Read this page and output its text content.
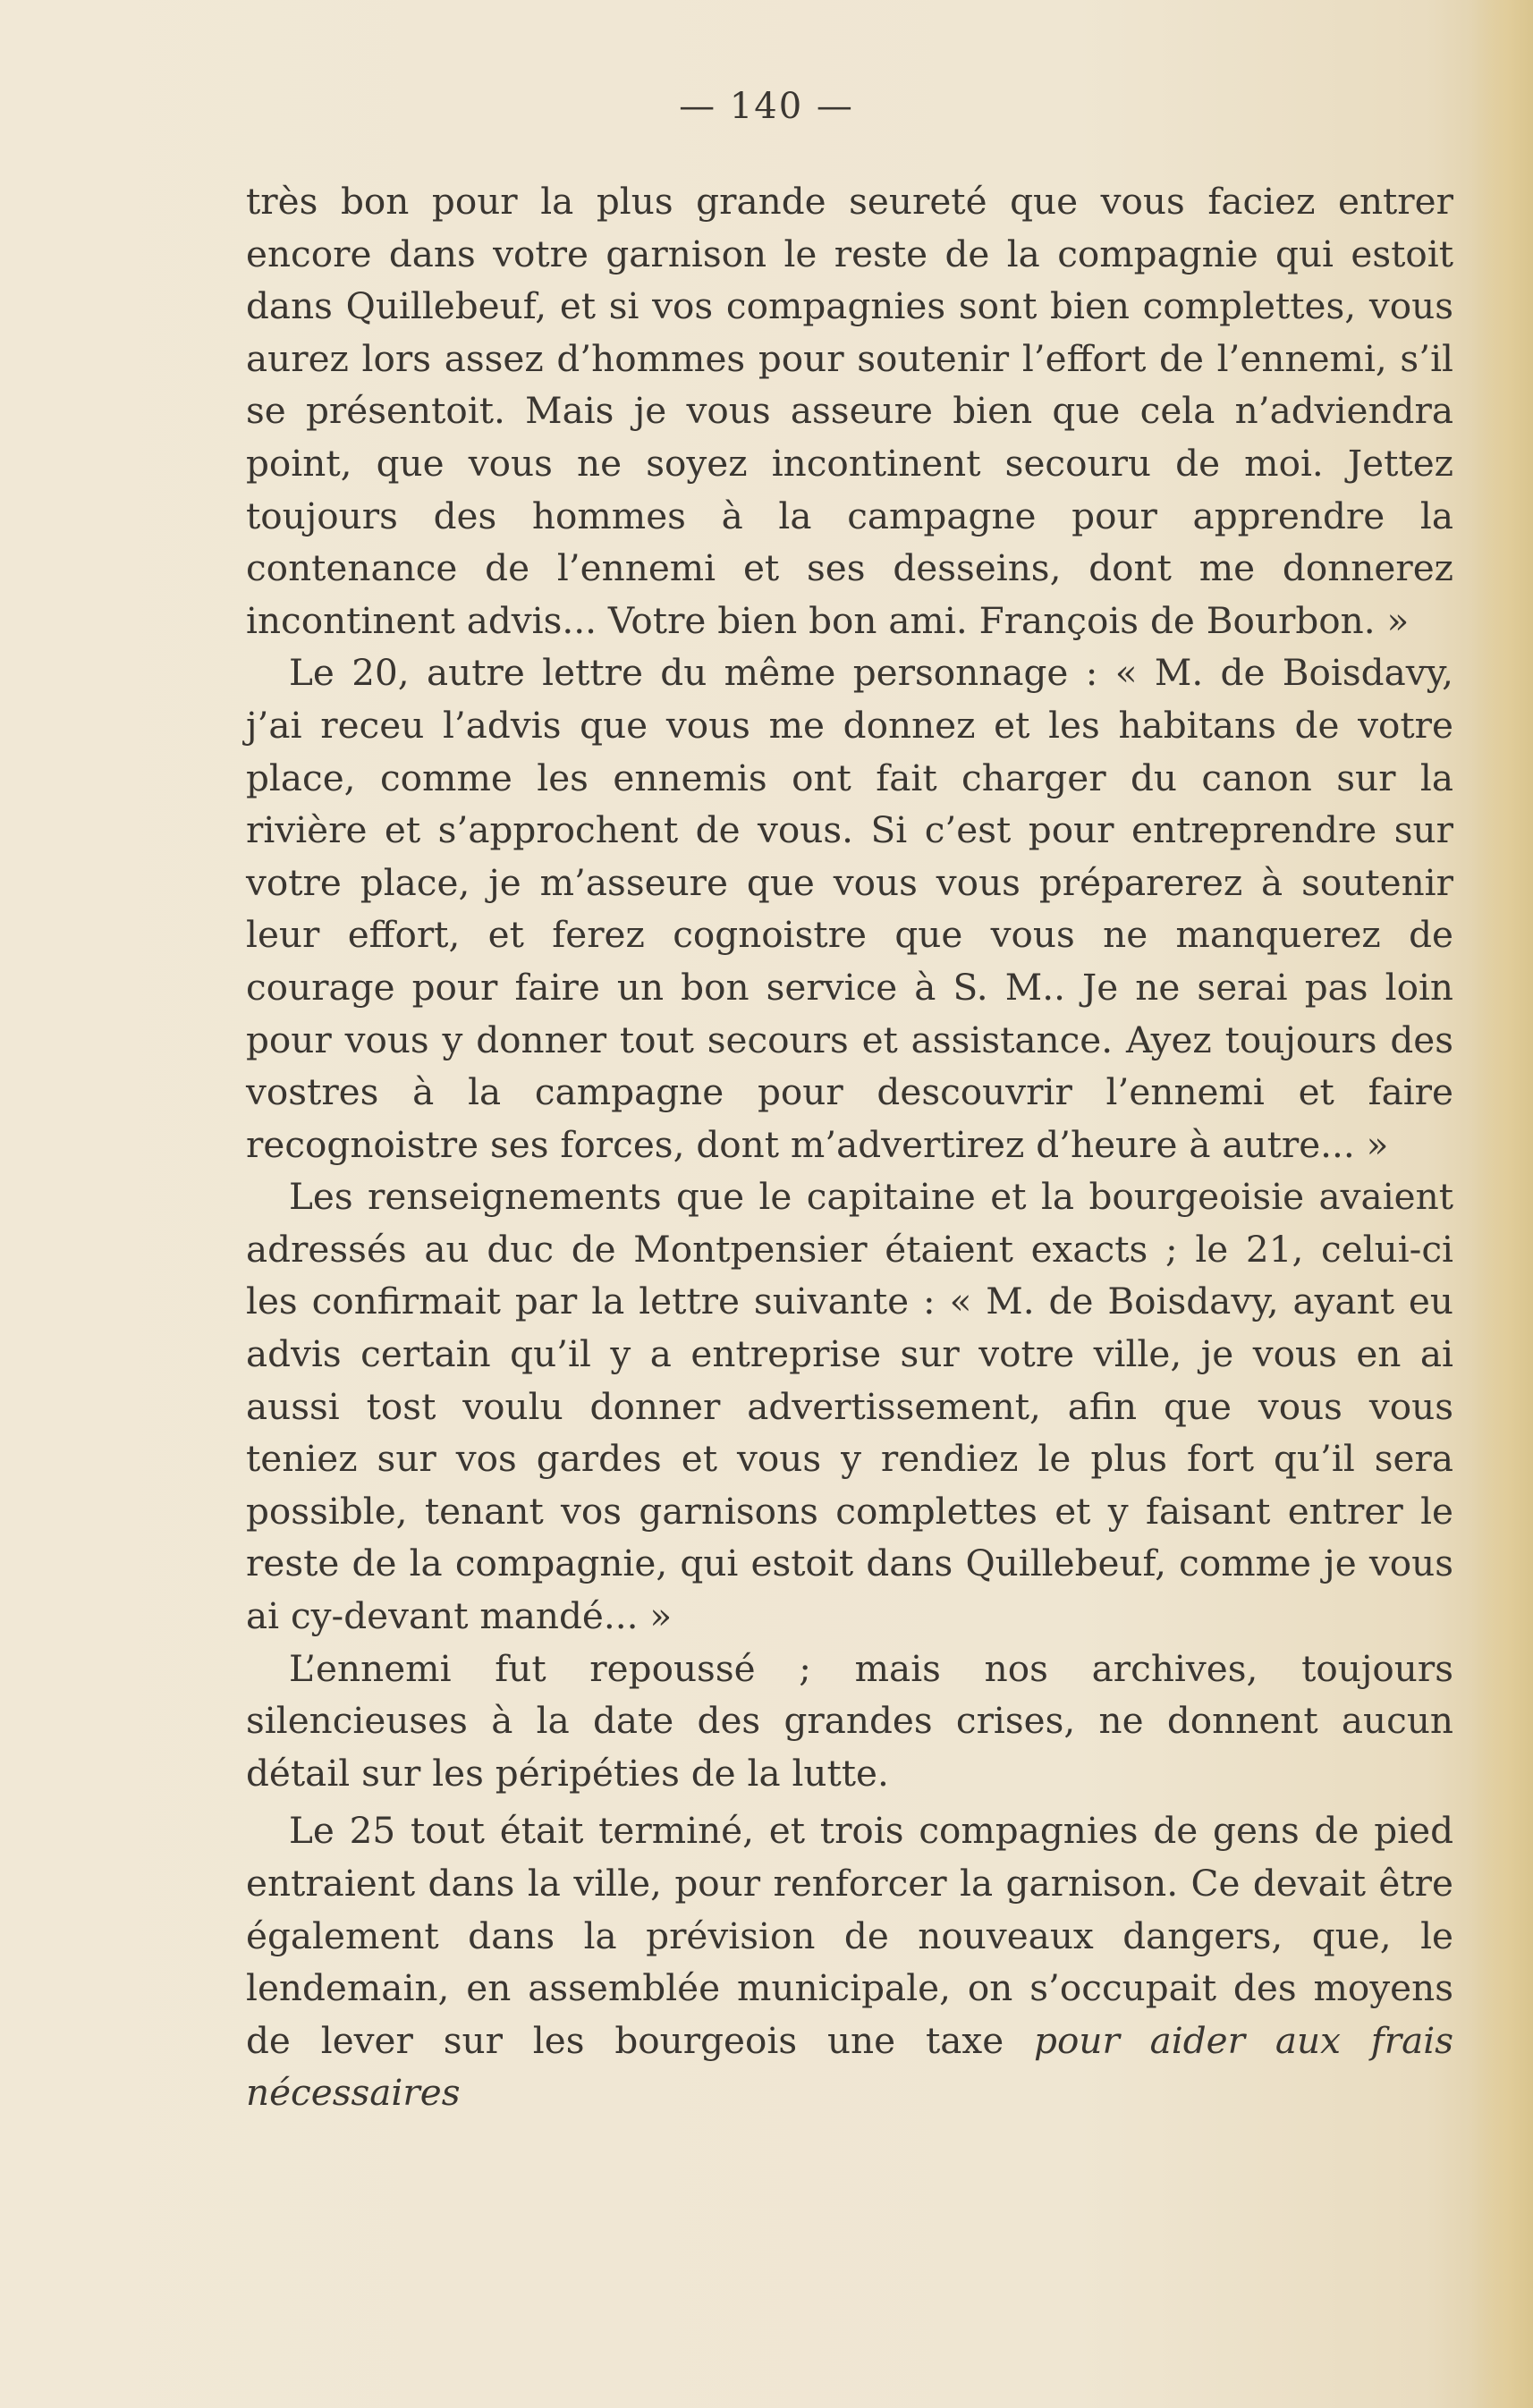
— 140 —

très bon pour la plus grande seureté que vous faciez entrer encore dans votre garnison le reste de la compagnie qui estoit dans Quillebeuf, et si vos compagnies sont bien complettes, vous aurez lors assez d’hommes pour soutenir l’effort de l’ennemi, s’il se présentoit. Mais je vous asseure bien que cela n’adviendra point, que vous ne soyez incontinent secouru de moi. Jettez toujours des hommes à la campagne pour apprendre la contenance de l’ennemi et ses desseins, dont me donnerez incontinent advis... Votre bien bon ami. François de Bourbon. »

Le 20, autre lettre du même personnage : « M. de Boisdavy, j’ai receu l’advis que vous me donnez et les habitans de votre place, comme les ennemis ont fait charger du canon sur la rivière et s’approchent de vous. Si c’est pour entreprendre sur votre place, je m’asseure que vous vous préparerez à soutenir leur effort, et ferez cognoistre que vous ne manquerez de courage pour faire un bon service à S. M.. Je ne serai pas loin pour vous y donner tout secours et assistance. Ayez toujours des vostres à la campagne pour descouvrir l’ennemi et faire recognoistre ses forces, dont m’advertirez d’heure à autre... »

Les renseignements que le capitaine et la bourgeoisie avaient adressés au duc de Montpensier étaient exacts ; le 21, celui-ci les confirmait par la lettre suivante : « M. de Boisdavy, ayant eu advis certain qu’il y a entreprise sur votre ville, je vous en ai aussi tost voulu donner advertissement, afin que vous vous teniez sur vos gardes et vous y rendiez le plus fort qu’il sera possible, tenant vos garnisons complettes et y faisant entrer le reste de la compagnie, qui estoit dans Quillebeuf, comme je vous ai cy-devant mandé... »

L’ennemi fut repoussé ; mais nos archives, toujours silencieuses à la date des grandes crises, ne donnent aucun détail sur les péripéties de la lutte.

Le 25 tout était terminé, et trois compagnies de gens de pied entraient dans la ville, pour renforcer la garnison. Ce devait être également dans la prévision de nouveaux dangers, que, le lendemain, en assemblée municipale, on s’occupait des moyens de lever sur les bourgeois une taxe pour aider aux frais nécessaires
